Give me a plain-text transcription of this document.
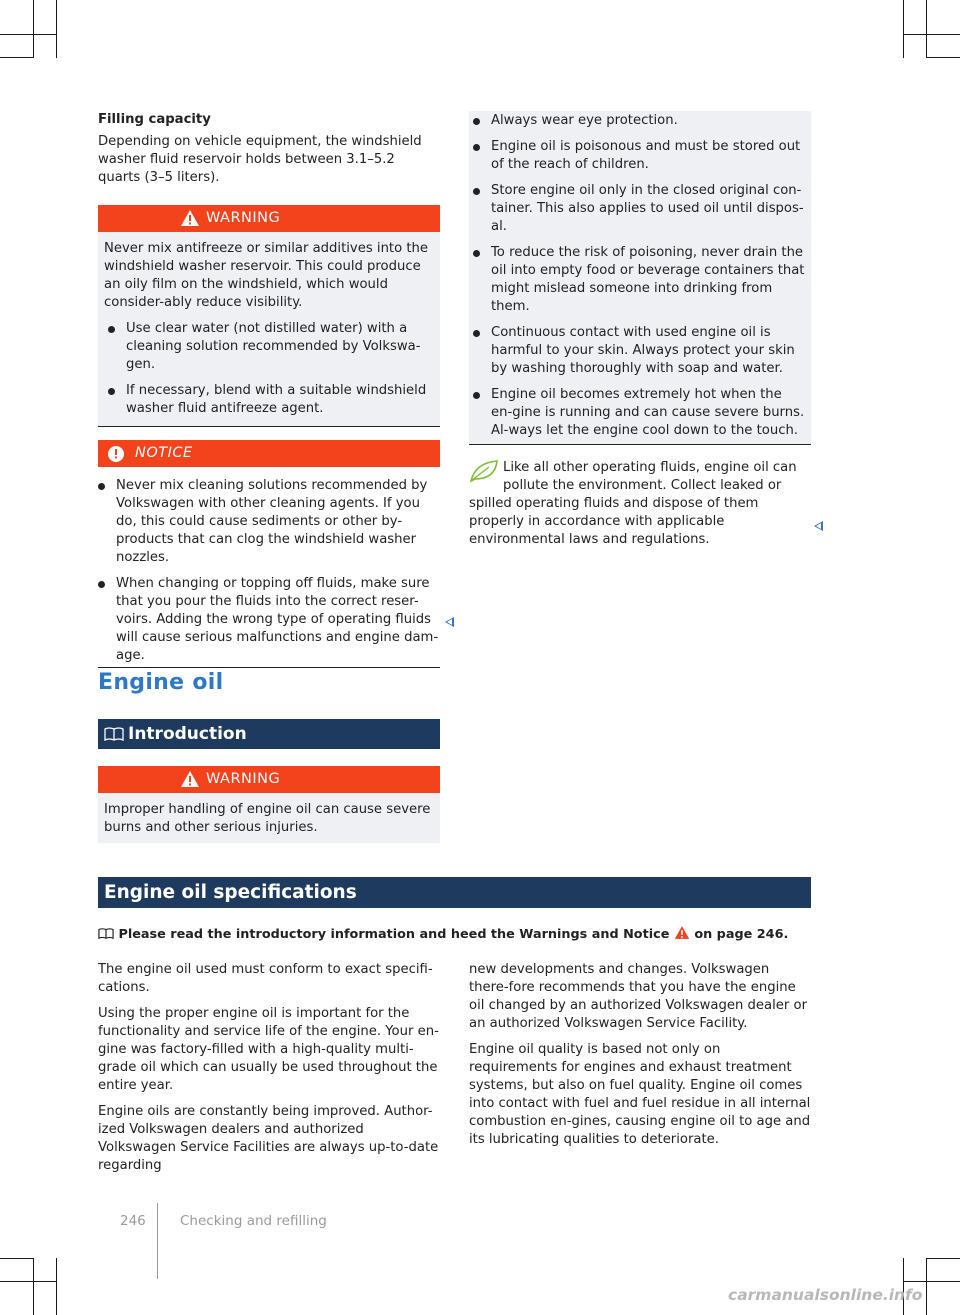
Filling capacity

Depending on vehicle equipment, the windshield washer fluid reservoir holds between 3.1–5.2 quarts (3–5 liters).

WARNING

Never mix antifreeze or similar additives into the windshield washer reservoir. This could produce an oily film on the windshield, which would consider-ably reduce visibility.

Use clear water (not distilled water) with a cleaning solution recommended by Volkswa-gen.
If necessary, blend with a suitable windshield washer fluid antifreeze agent.
NOTICE
Never mix cleaning solutions recommended by Volkswagen with other cleaning agents. If you do, this could cause sediments or other by-products that can clog the windshield washer nozzles.
When changing or topping off fluids, make sure that you pour the fluids into the correct reser-voirs. Adding the wrong type of operating fluids will cause serious malfunctions and engine dam-age.
Engine oil
Introduction
WARNING

Improper handling of engine oil can cause severe burns and other serious injuries.

Always wear eye protection.
Engine oil is poisonous and must be stored out of the reach of children.
Store engine oil only in the closed original con-tainer. This also applies to used oil until dispos-al.
To reduce the risk of poisoning, never drain the oil into empty food or beverage containers that might mislead someone into drinking from them.
Continuous contact with used engine oil is harmful to your skin. Always protect your skin by washing thoroughly with soap and water.
Engine oil becomes extremely hot when the en-gine is running and can cause severe burns. Al-ways let the engine cool down to the touch.

Like all other operating fluids, engine oil can pollute the environment. Collect leaked or spilled operating fluids and dispose of them properly in accordance with applicable environmental laws and regulations.

Engine oil specifications
Please read the introductory information and heed the Warnings and Notice on page 246.

The engine oil used must conform to exact specifi-cations.

Using the proper engine oil is important for the functionality and service life of the engine. Your en-gine was factory-filled with a high-quality multi-grade oil which can usually be used throughout the entire year.

Engine oils are constantly being improved. Author-ized Volkswagen dealers and authorized Volkswagen Service Facilities are always up-to-date regarding

new developments and changes. Volkswagen there-fore recommends that you have the engine oil changed by an authorized Volkswagen dealer or an authorized Volkswagen Service Facility.

Engine oil quality is based not only on requirements for engines and exhaust treatment systems, but also on fuel quality. Engine oil comes into contact with fuel and fuel residue in all internal combustion en-gines, causing engine oil to age and its lubricating qualities to deteriorate.

246	Checking and refilling
carmanualsonline.info
